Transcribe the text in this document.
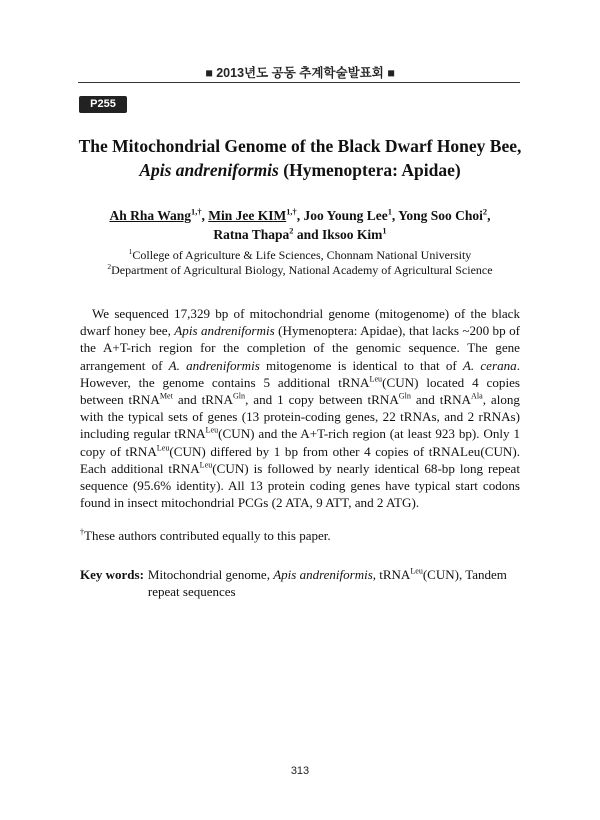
■ 2013년도 공동 추계학술발표회 ■
P255
The Mitochondrial Genome of the Black Dwarf Honey Bee,
Apis andreniformis (Hymenoptera: Apidae)
Ah Rha Wang$^{1,\dagger}$, Min Jee $KIM^{1,\dagger}$, Joo Young Lee$^1$, Yong Soo Choi$^2$,
Ratna Thapa$^2$ and Iksoo Kim$^1$
$^1$College of Agriculture & Life Sciences, Chonnam National University
$^2$Department of Agricultural Biology, National Academy of Agricultural Science

We sequenced 17,329 bp of mitochondrial genome (mitogenome) of the black dwarf honey bee, Apis andreniformis (Hymenoptera: Apidae), that lacks ~200 bp of the A+T-rich region for the completion of the genomic sequence. The gene arrangement of A. andreniformis mitogenome is identical to that of A. cerana. However, the genome contains 5 additional tRNA$^{Leu}$(CUN) located 4 copies between tRNA$^{Met}$ and tRNA$^{Gln}$, and 1 copy between tRNA$^{Gln}$ and tRNA$^{Ala}$, along with the typical sets of genes (13 protein-coding genes, 22 tRNAs, and 2 rRNAs) including regular tRNA$^{Leu}$(CUN) and the A+T-rich region (at least 923 bp). Only 1 copy of tRNA$^{Leu}$(CUN) differed by 1 bp from other 4 copies of tRNALeu(CUN). Each additional tRNA$^{Leu}$(CUN) is followed by nearly identical 68-bp long repeat sequence (95.6% identity). All 13 protein coding genes have typical start codons found in insect mitochondrial PCGs (2 ATA, 9 ATT, and 2 ATG).

†These authors contributed equally to this paper.
Key words: Mitochondrial genome, Apis andreniformis, tRNA$^{Leu}$(CUN), Tandem repeat sequences
313
